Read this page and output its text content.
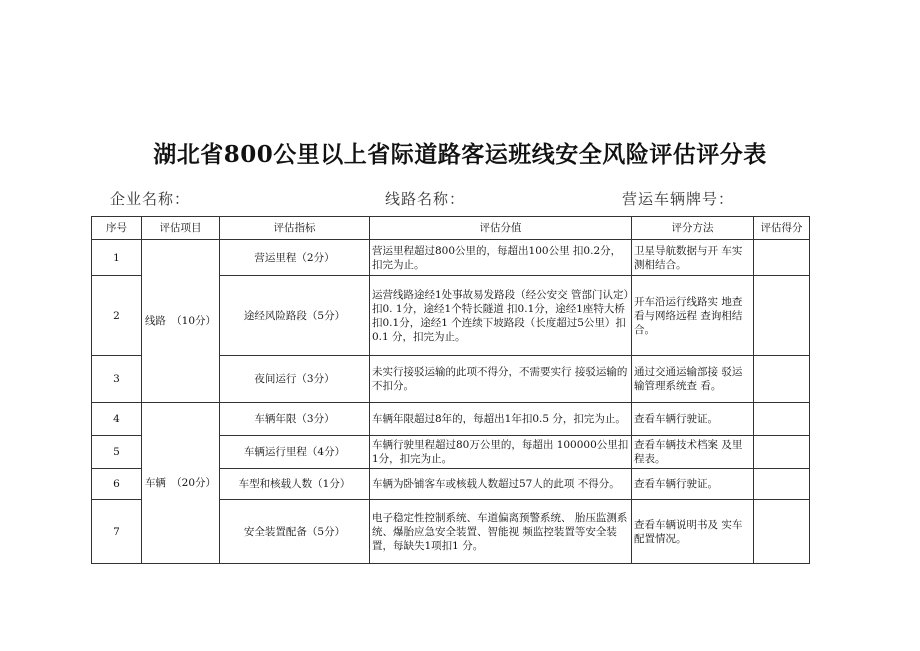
湖北省800公里以上省际道路客运班线安全风险评估评分表
企业名称：	线路名称：	营运车辆牌号：
序号	评估项目	评估指标	评估分值	评分方法	评估得分
1	线路　（10分）	营运里程（2分）	营运里程超过800公里的，每超出100公里 扣0.2分，扣完为止。	卫星导航数据与开 车实测相结合。	
2		途经风险路段（5分）	运营线路途经1处事故易发路段（经公安交 管部门认定）扣0. 1分，途经1个特长隧道 扣0.1分，途经1座特大桥扣0.1分，途经1 个连续下坡路段（长度超过5公里）扣0.1 分，扣完为止。	开车沿运行线路实 地查看与网络远程 查询相结合。	
3		夜间运行（3分）	未实行接驳运输的此项不得分，不需要实行 接驳运输的不扣分。	通过交通运输部接 驳运输管理系统查 看。	
4	车辆　（20分）	车辆年限（3分）	车辆年限超过8年的，每超出1年扣0.5 分，扣完为止。	查看车辆行驶证。	
5		车辆运行里程（4分）	车辆行驶里程超过80万公里的，每超出 100000公里扣1分，扣完为止。	查看车辆技术档案 及里程表。	
6		车型和核载人数（1分）	车辆为卧铺客车或核载人数超过57人的此项 不得分。	查看车辆行驶证。	
7		安全装置配备（5分）	电子稳定性控制系统、车道偏离预警系统、 胎压监测系统、爆胎应急安全装置、智能视 频监控装置等安全装置，每缺失1项扣1 分。	查看车辆说明书及 实车配置情况。	
